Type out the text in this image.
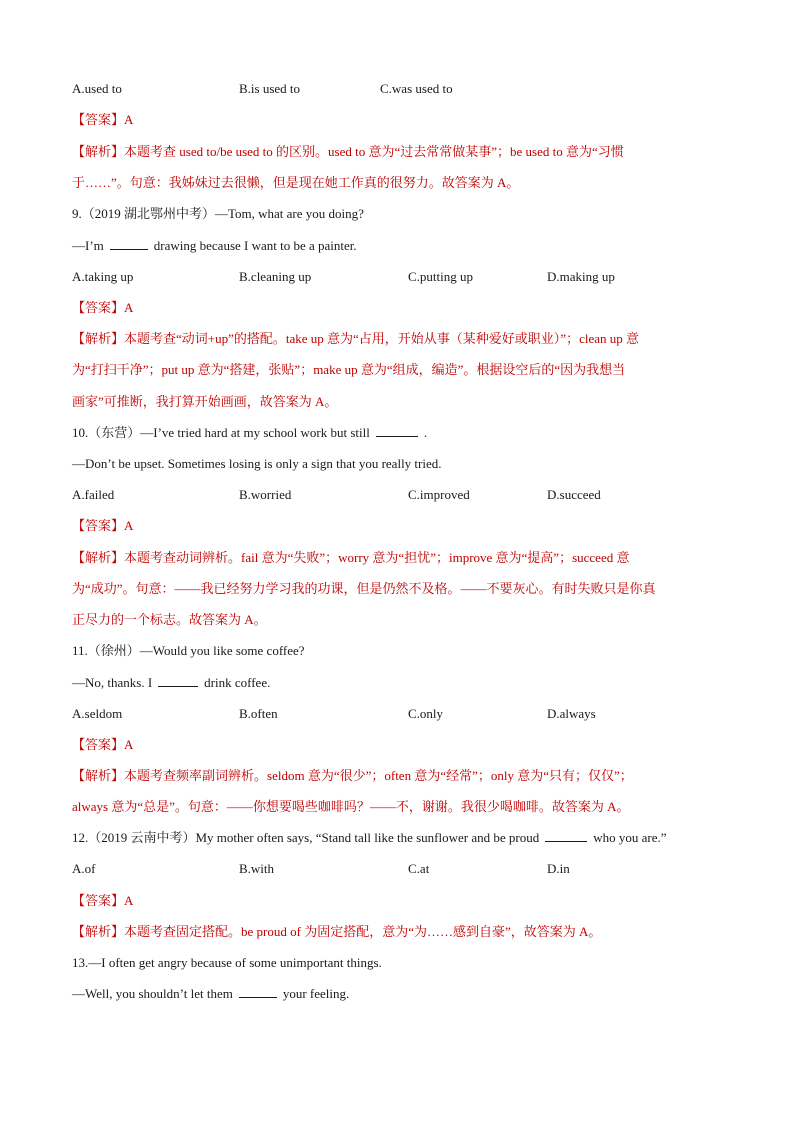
A.used to	B.is used to	C.was used to
【答案】A
【解析】本题考查 used to/be used to 的区别。used to 意为“过去常常做某事”；be used to 意为“习惯
于……”。句意：我姊妹过去很懒，但是现在她工作真的很努力。故答案为 A。
9.（2019 湖北鄂州中考）—Tom, what are you doing?
—I’m	drawing because I want to be a painter.
A.taking up	B.cleaning up	C.putting up	D.making up
【答案】A
【解析】本题考查“动词+up”的搭配。take up 意为“占用，开始从事（某种爱好或职业）”；clean up 意
为“打扫干净”；put up 意为“搭建，张贴”；make up 意为“组成，编造”。根据设空后的“因为我想当
画家”可推断，我打算开始画画，故答案为 A。
10.（东营）—I’ve tried hard at my school work but still	.
—Don’t be upset. Sometimes losing is only a sign that you really tried.
A.failed	B.worried	C.improved	D.succeed
【答案】A
【解析】本题考查动词辨析。fail 意为“失败”；worry 意为“担忧”；improve 意为“提高”；succeed 意
为“成功”。句意：——我已经努力学习我的功课，但是仍然不及格。——不要灰心。有时失败只是你真
正尽力的一个标志。故答案为 A。
11.（徐州）—Would you like some coffee?
—No, thanks. I	drink coffee.
A.seldom	B.often	C.only	D.always
【答案】A
【解析】本题考查频率副词辨析。seldom 意为“很少”；often 意为“经常”；only 意为“只有；仅仅”；
always 意为“总是”。句意：——你想要喝些咖啡吗？——不，谢谢。我很少喝咖啡。故答案为 A。
12.（2019 云南中考）My mother often says, “Stand tall like the sunflower and be proud	who you are.”
A.of	B.with	C.at	D.in
【答案】A
【解析】本题考查固定搭配。be proud of 为固定搭配，意为“为……感到自豪”，故答案为 A。
13.—I often get angry because of some unimportant things.
—Well, you shouldn’t let them	your feeling.
